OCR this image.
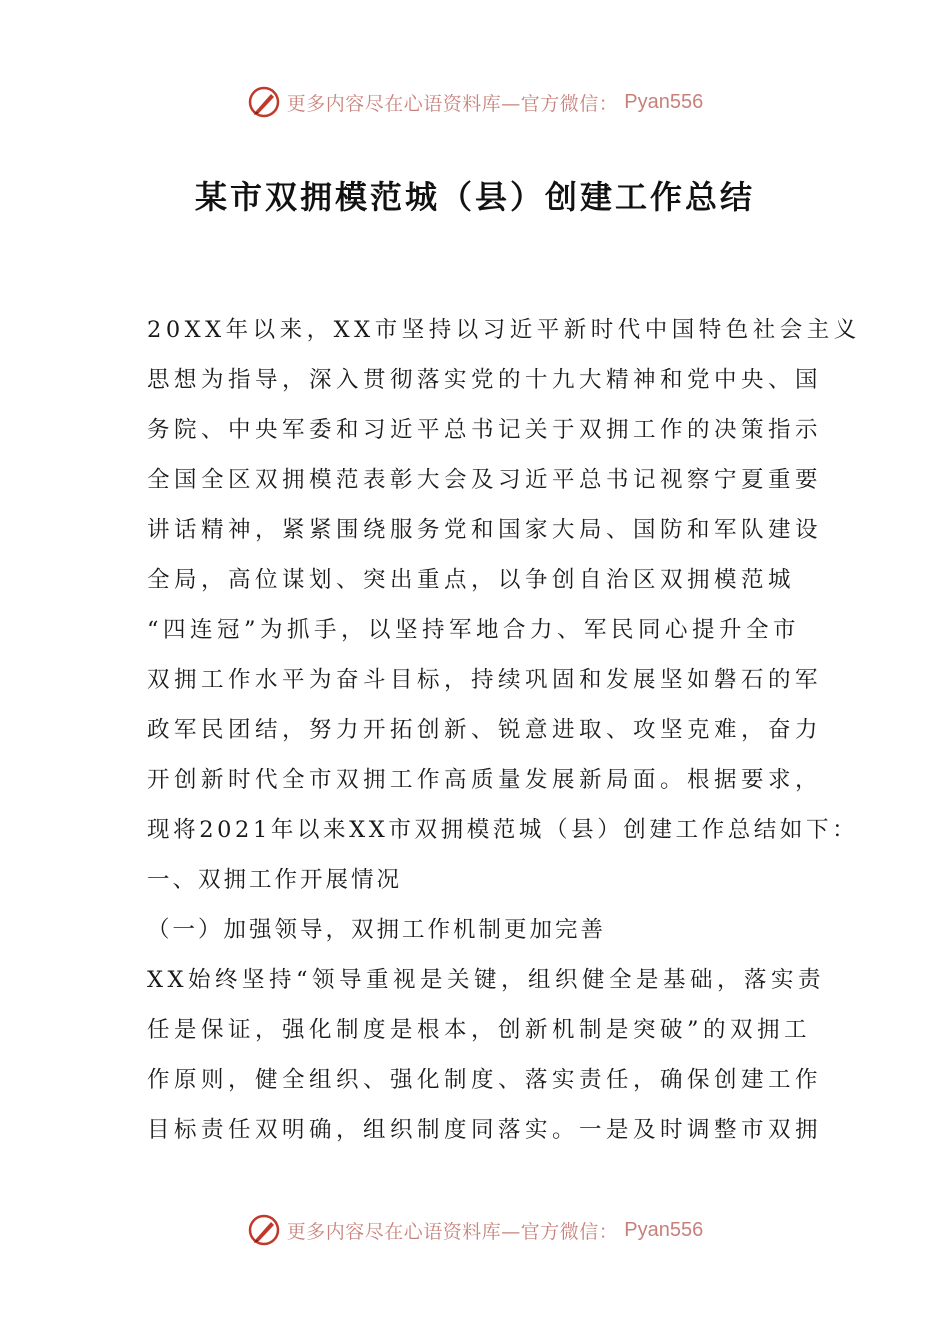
更多内容尽在心语资料库—官方微信： Pyan556
某市双拥模范城（县）创建工作总结
20XX年以来，XX市坚持以习近平新时代中国特色社会主义
思想为指导，深入贯彻落实党的十九大精神和党中央、国
务院、中央军委和习近平总书记关于双拥工作的决策指示
全国全区双拥模范表彰大会及习近平总书记视察宁夏重要
讲话精神，紧紧围绕服务党和国家大局、国防和军队建设
全局，高位谋划、突出重点，以争创自治区双拥模范城
“四连冠”为抓手，以坚持军地合力、军民同心提升全市
双拥工作水平为奋斗目标，持续巩固和发展坚如磐石的军
政军民团结，努力开拓创新、锐意进取、攻坚克难，奋力
开创新时代全市双拥工作高质量发展新局面。根据要求，
现将2021年以来XX市双拥模范城（县）创建工作总结如下：
一、双拥工作开展情况
（一）加强领导，双拥工作机制更加完善
XX始终坚持“领导重视是关键，组织健全是基础，落实责
任是保证，强化制度是根本，创新机制是突破”的双拥工
作原则，健全组织、强化制度、落实责任，确保创建工作
目标责任双明确，组织制度同落实。一是及时调整市双拥
更多内容尽在心语资料库—官方微信： Pyan556
